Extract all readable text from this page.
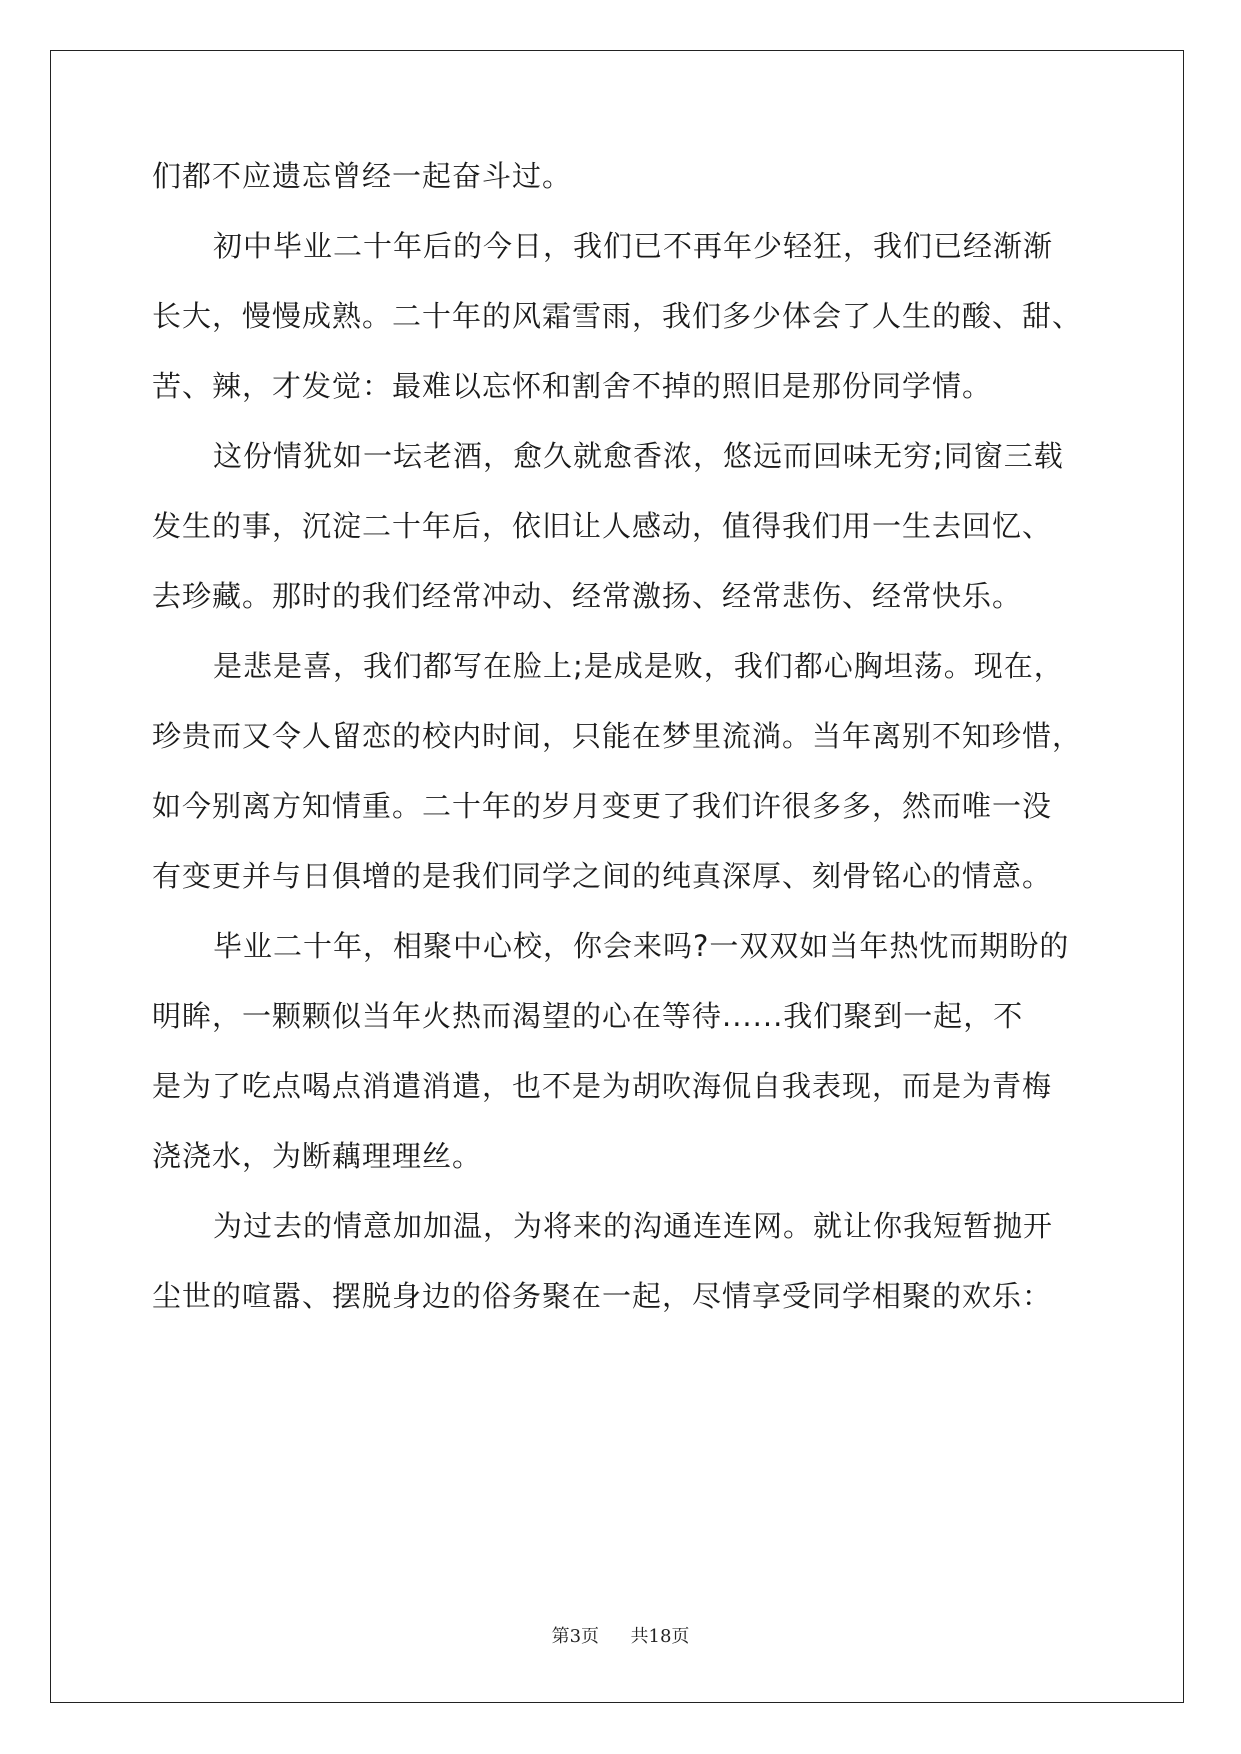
们都不应遗忘曾经一起奋斗过。
初中毕业二十年后的今日，我们已不再年少轻狂，我们已经渐渐
长大，慢慢成熟。二十年的风霜雪雨，我们多少体会了人生的酸、甜、
苦、辣，才发觉：最难以忘怀和割舍不掉的照旧是那份同学情。
这份情犹如一坛老酒，愈久就愈香浓，悠远而回味无穷;同窗三载
发生的事，沉淀二十年后，依旧让人感动，值得我们用一生去回忆、
去珍藏。那时的我们经常冲动、经常激扬、经常悲伤、经常快乐。
是悲是喜，我们都写在脸上;是成是败，我们都心胸坦荡。现在，
珍贵而又令人留恋的校内时间，只能在梦里流淌。当年离别不知珍惜，
如今别离方知情重。二十年的岁月变更了我们许很多多，然而唯一没
有变更并与日俱增的是我们同学之间的纯真深厚、刻骨铭心的情意。
毕业二十年，相聚中心校，你会来吗?一双双如当年热忱而期盼的
明眸，一颗颗似当年火热而渴望的心在等待......我们聚到一起，不
是为了吃点喝点消遣消遣，也不是为胡吹海侃自我表现，而是为青梅
浇浇水，为断藕理理丝。
为过去的情意加加温，为将来的沟通连连网。就让你我短暂抛开
尘世的喧嚣、摆脱身边的俗务聚在一起，尽情享受同学相聚的欢乐：
第3页 共18页
